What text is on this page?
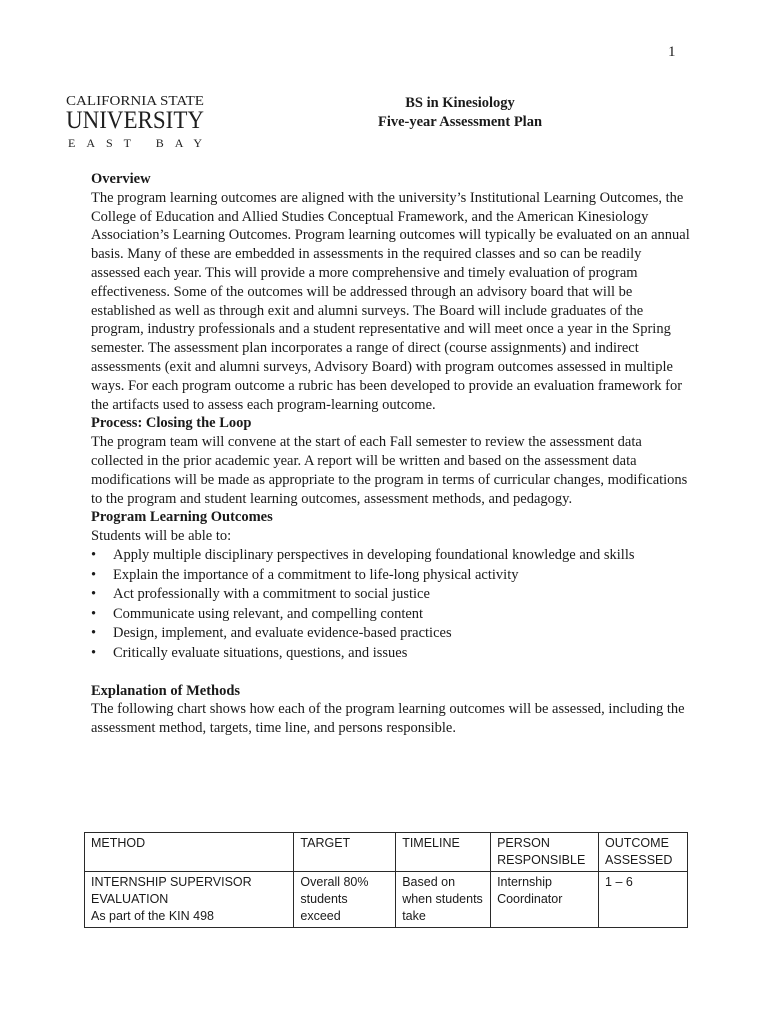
1
CALIFORNIA STATE
UNIVERSITY
EAST BAY
BS in Kinesiology
Five-year Assessment Plan
Overview

The program learning outcomes are aligned with the university’s Institutional Learning Outcomes, the College of Education and Allied Studies Conceptual Framework, and the American Kinesiology Association’s Learning Outcomes. Program learning outcomes will typically be evaluated on an annual basis. Many of these are embedded in assessments in the required classes and so can be readily assessed each year. This will provide a more comprehensive and timely evaluation of program effectiveness. Some of the outcomes will be addressed through an advisory board that will be established as well as through exit and alumni surveys. The Board will include graduates of the program, industry professionals and a student representative and will meet once a year in the Spring semester. The assessment plan incorporates a range of direct (course assignments) and indirect assessments (exit and alumni surveys, Advisory Board) with program outcomes assessed in multiple ways. For each program outcome a rubric has been developed to provide an evaluation framework for the artifacts used to assess each program-learning outcome.

Process: Closing the Loop

The program team will convene at the start of each Fall semester to review the assessment data collected in the prior academic year. A report will be written and based on the assessment data modifications will be made as appropriate to the program in terms of curricular changes, modifications to the program and student learning outcomes, assessment methods, and pedagogy.

Program Learning Outcomes

Students will be able to:

• Apply multiple disciplinary perspectives in developing foundational knowledge and skills
• Explain the importance of a commitment to life-long physical activity
• Act professionally with a commitment to social justice
• Communicate using relevant, and compelling content
• Design, implement, and evaluate evidence-based practices
• Critically evaluate situations, questions, and issues
Explanation of Methods

The following chart shows how each of the program learning outcomes will be assessed, including the assessment method, targets, time line, and persons responsible.

METHOD	TARGET	TIMELINE	PERSON RESPONSIBLE	OUTCOME ASSESSED

INTERNSHIP SUPERVISOR
EVALUATION
As part of the KIN 498	Overall 80% students exceed	Based on when students take	Internship Coordinator	1 – 6
